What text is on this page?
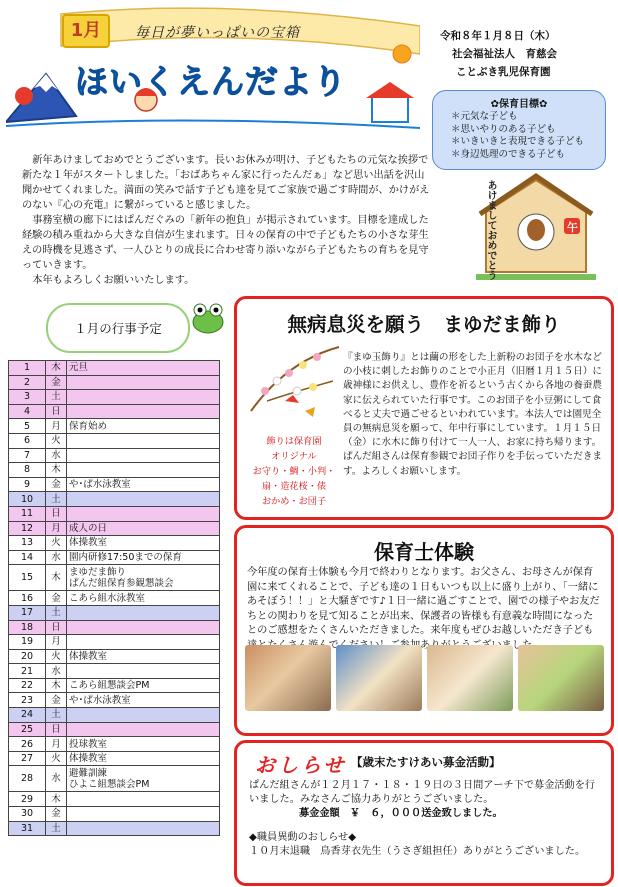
1月	毎日が夢いっぱいの宝箱
ほいくえんだより
令和８年１月８日（木）
社会福祉法人　育慈会
ことぶき乳児保育園
✿保育目標✿
＊元気な子ども
＊思いやりのある子ども
＊いきいきと表現できる子ども
＊身辺処理のできる子ども

新年あけましておめでとうございます。長いお休みが明け、子どもたちの元気な挨拶で新たな１年がスタートしました。「おばあちゃん家に行ったんだぁ」など思い出話を沢山聞かせてくれました。満面の笑みで話す子ども達を見てご家族で過ごす時間が、かけがえのない『心の充電』に繋がっていると感じました。

事務室横の廊下にはぱんだぐみの「新年の抱負」が掲示されています。目標を達成した経験の積み重ねから大きな自信が生まれます。日々の保育の中で子どもたちの小さな芽生えの時機を見逃さず、一人ひとりの成長に合わせ寄り添いながら子どもたちの育ちを見守っていきます。

本年もよろしくお願いいたします。

あけましておめでとう	午
１月の行事予定
1	木	元旦
2	金	
3	土	
4	日	
5	月	保育始め
6	火	
7	水	
8	木	
9	金	や･ぱ水泳教室
10	土	
11	日	
12	月	成人の日
13	火	体操教室
14	水	園内研修17:50までの保育
15	木	まゆだま飾り
ぱんだ組保育参観懇談会
16	金	こあら組水泳教室
17	土	
18	日	
19	月	
20	火	体操教室
21	水	
22	木	こあら組懇談会PM
23	金	や･ぱ水泳教室
24	土	
25	日	
26	月	投球教室
27	火	体操教室
28	水	避難訓練
ひよこ組懇談会PM
29	木	
30	金	
31	土	
無病息災を願う　まゆだま飾り
『まゆ玉飾り』とは繭の形をした上新粉のお団子を水木などの小枝に刺したお飾りのことで小正月（旧暦１月１５日）に歳神様にお供えし、豊作を祈るという古くから各地の養蚕農家に伝えられていた行事です。このお団子を小豆粥にして食べると丈夫で過ごせるといわれています。本法人では園児全員の無病息災を願って、年中行事にしています。１月１５日（金）に水木に飾り付けて一人一人、お家に持ち帰ります。ぱんだ組さんは保育参観でお団子作りを手伝っていただきます。よろしくお願いします。
飾りは保育園
オリジナル
お守り・鯛・小判・
扇・造花桜・俵
おかめ・お団子
保育士体験
今年度の保育士体験も今月で終わりとなります。お父さん、お母さんが保育園に来てくれることで、子ども達の１日もいつも以上に盛り上がり、「一緒にあそぼう！！」と大騒ぎです♪１日一緒に過ごすことで、園での様子やお友だちとの関わりを見て知ることが出来、保護者の皆様も有意義な時間になったとのご感想をたくさんいただきました。来年度もぜひお越しいただき子ども で 加あり し
おしらせ 【歳末たすけあい募金活動】
ぱんだ組さんが１２月１７・１８・１９日の３日間アーチ下で募金活動を行いました。みなさんご協力ありがとうございました。
募金金額　￥　６，０００送金致しました。
◆職員異動のおしらせ◆
１０月末退職　鳥香芽衣先生（うさぎ組担任）ありがとうございました。
